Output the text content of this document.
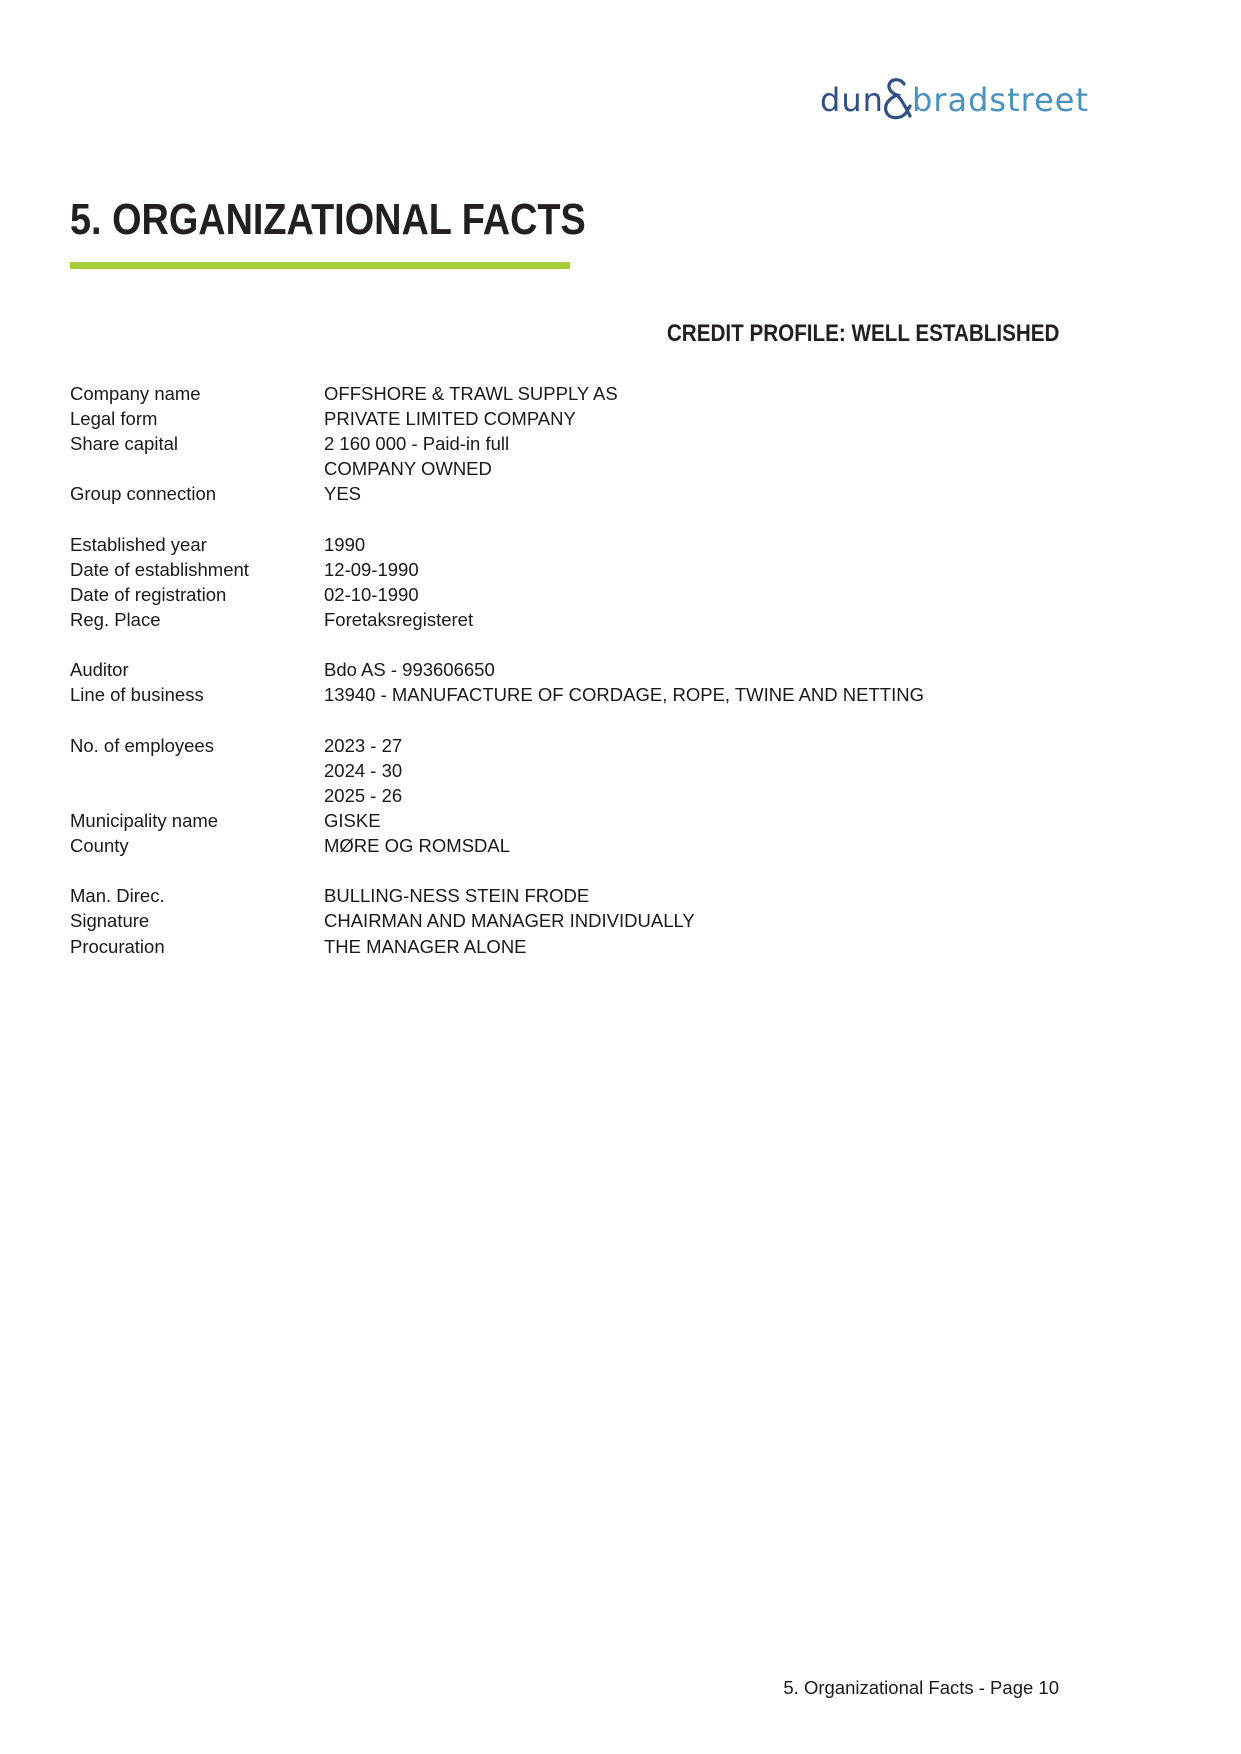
dun bradstreet
5. ORGANIZATIONAL FACTS
CREDIT PROFILE: WELL ESTABLISHED
Company name	OFFSHORE & TRAWL SUPPLY AS
Legal form	PRIVATE LIMITED COMPANY
Share capital	2 160 000 - Paid-in full
COMPANY OWNED
Group connection	YES
Established year	1990
Date of establishment	12-09-1990
Date of registration	02-10-1990
Reg. Place	Foretaksregisteret
Auditor	Bdo AS - 993606650
Line of business	13940 - MANUFACTURE OF CORDAGE, ROPE, TWINE AND NETTING
No. of employees	2023 - 27
2024 - 30
2025 - 26
Municipality name	GISKE
County	MØRE OG ROMSDAL
Man. Direc.	BULLING-NESS STEIN FRODE
Signature	CHAIRMAN AND MANAGER INDIVIDUALLY
Procuration	THE MANAGER ALONE
5. Organizational Facts - Page 10
